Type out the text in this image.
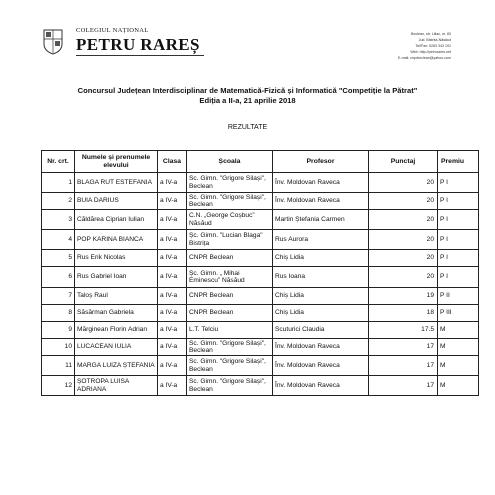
COLEGIUL NAȚIONAL
PETRU RAREȘ
Beclean, str. Liliac, nr. 83
Jud. Bistrița-Năsăud
Tel/Fax: 0263 343 191
Web: http://petrurares.net
E-mail: cnprbeclean@yahoo.com
Concursul Județean Interdisciplinar de Matematică-Fizică și Informatică "Competiție la Pătrat"
Ediția a II-a, 21 aprilie 2018
REZULTATE
Nr. crt.	Numele și prenumele elevului	Clasa	Școala	Profesor	Punctaj	Premiu
1	BLAGA RUT ESTEFANIA	a IV-a	Sc. Gimn. "Grigore Silași", Beclean	Înv. Moldovan Raveca	20	P I
2	BUIA DARIUS	a IV-a	Sc. Gimn. "Grigore Silași", Beclean	Înv. Moldovan Raveca	20	P I
3	Căldărea Ciprian Iulian	a IV-a	C.N. „George Coșbuc” Năsăud	Martin Ștefania Carmen	20	P I
4	POP KARINA BIANCA	a IV-a	Șc. Gimn. "Lucian Blaga" Bistrița	Rus Aurora	20	P I
5	Rus Erik Nicolas	a IV-a	CNPR Beclean	Chiș Lidia	20	P I
6	Rus Gabriel Ioan	a IV-a	Șc. Gimn. „ Mihai Eminescu” Năsăud	Rus Ioana	20	P I
7	Taloș Raul	a IV-a	CNPR Beclean	Chiș Lidia	19	P II
8	Săsărman Gabriela	a IV-a	CNPR Beclean	Chiș Lidia	18	P III
9	Mărginean Florin Adrian	a IV-a	L.T. Telciu	Scuturici Claudia	17.5	M
10	LUCACEAN IULIA	a IV-a	Sc. Gimn. "Grigore Silași", Beclean	Înv. Moldovan Raveca	17	M
11	MARGA LUIZA ȘTEFANIA	a IV-a	Sc. Gimn. "Grigore Silași", Beclean	Înv. Moldovan Raveca	17	M
12	ȘOTROPA LUISA ADRIANA	a IV-a	Sc. Gimn. "Grigore Silași", Beclean	Înv. Moldovan Raveca	17	M
